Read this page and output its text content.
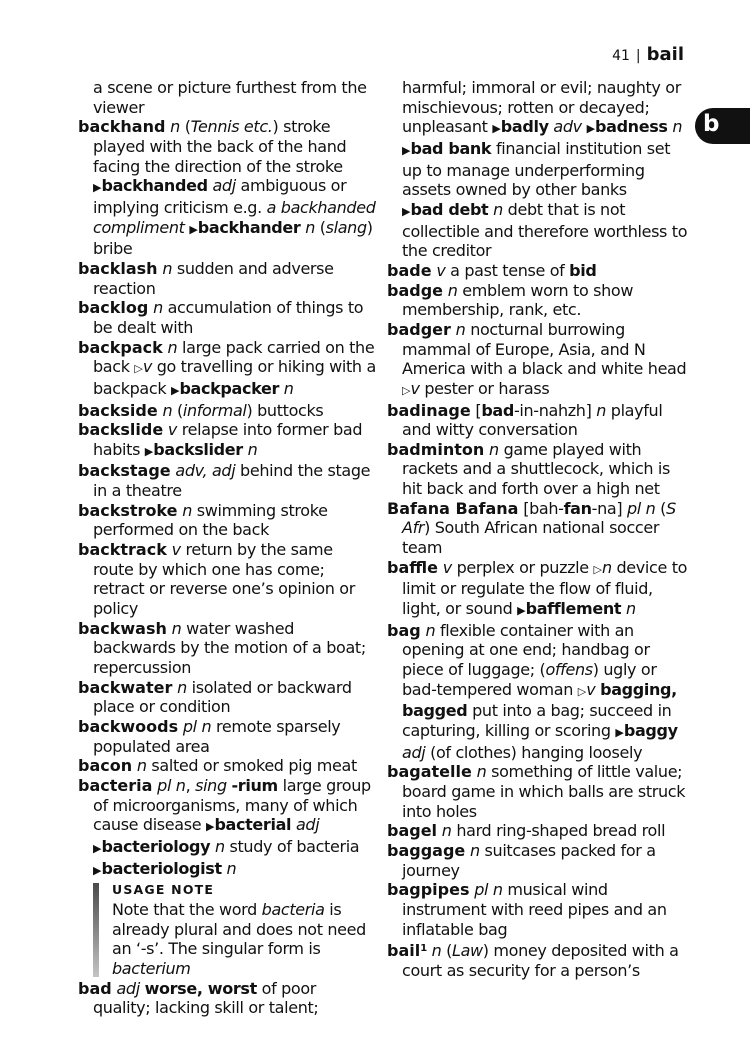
41 | bail
b
a scene or picture furthest from the viewer
backhand n (Tennis etc.) stroke played with the back of the hand facing the direction of the stroke ▶backhanded adj ambiguous or implying criticism e.g. a backhanded compliment ▶backhander n (slang) bribe
backlash n sudden and adverse reaction
backlog n accumulation of things to be dealt with
backpack n large pack carried on the back ▷v go travelling or hiking with a backpack ▶backpacker n
backside n (informal) buttocks
backslide v relapse into former bad habits ▶backslider n
backstage adv, adj behind the stage in a theatre
backstroke n swimming stroke performed on the back
backtrack v return by the same route by which one has come; retract or reverse one’s opinion or policy
backwash n water washed backwards by the motion of a boat; repercussion
backwater n isolated or backward place or condition
backwoods pl n remote sparsely populated area
bacon n salted or smoked pig meat
bacteria pl n, sing -rium large group of microorganisms, many of which cause disease ▶bacterial adj
▶bacteriology n study of bacteria
▶bacteriologist n
USAGE NOTE
Note that the word bacteria is already plural and does not need an ‘-s’. The singular form is bacterium
bad adj worse, worst of poor quality; lacking skill or talent;
harmful; immoral or evil; naughty or mischievous; rotten or decayed; unpleasant ▶badly adv ▶badness n ▶bad bank financial institution set up to manage underperforming assets owned by other banks
▶bad debt n debt that is not collectible and therefore worthless to the creditor
bade v a past tense of bid
badge n emblem worn to show membership, rank, etc.
badger n nocturnal burrowing mammal of Europe, Asia, and N America with a black and white head ▷v pester or harass
badinage [bad-in-nahzh] n playful and witty conversation
badminton n game played with rackets and a shuttlecock, which is hit back and forth over a high net
Bafana Bafana [bah-fan-na] pl n (S Afr) South African national soccer team
baffle v perplex or puzzle ▷n device to limit or regulate the flow of fluid, light, or sound ▶bafflement n
bag n flexible container with an opening at one end; handbag or piece of luggage; (offens) ugly or bad-tempered woman ▷v bagging, bagged put into a bag; succeed in capturing, killing or scoring ▶baggy adj (of clothes) hanging loosely
bagatelle n something of little value; board game in which balls are struck into holes
bagel n hard ring-shaped bread roll
baggage n suitcases packed for a journey
bagpipes pl n musical wind instrument with reed pipes and an inflatable bag
bail$^1$ n (Law) money deposited with a court as security for a person’s
